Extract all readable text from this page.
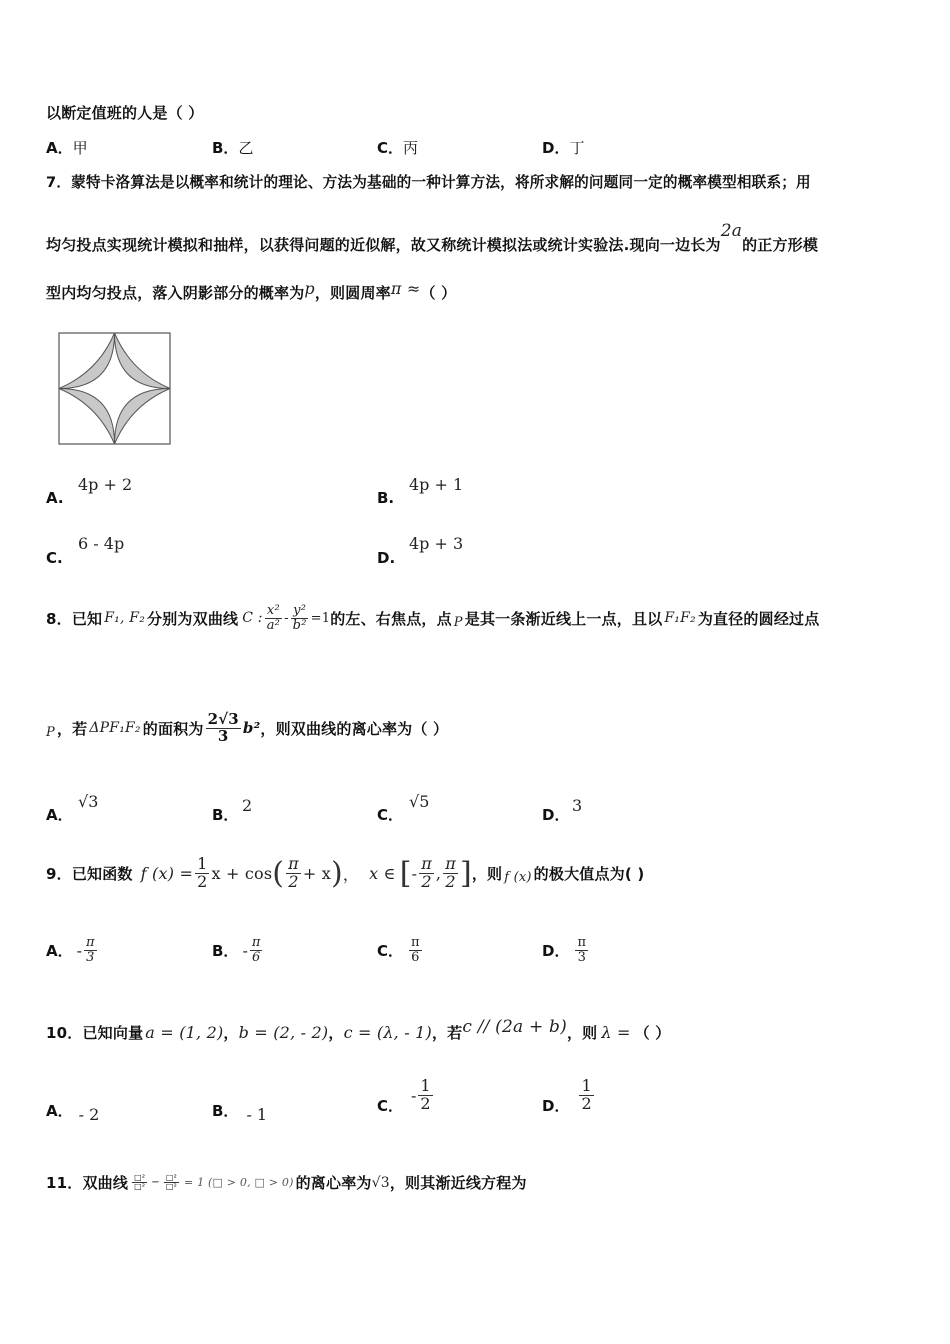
以断定值班的人是（ ）
A．甲	B．乙	C．丙	D．丁
7．蒙特卡洛算法是以概率和统计的理论、方法为基础的一种计算方法，将所求解的问题同一定的概率模型相联系；用
均匀投点实现统计模拟和抽样，以获得问题的近似解，故又称统计模拟法或统计实验法.现向一边长为2a的正方形模
型内均匀投点，落入阴影部分的概率为p，则圆周率π ≈（ ）
A.
4p + 2
B.
4p + 1
C.
6 - 4p
D.
4p + 3
8．已知 F₁, F₂ 分别为双曲线 C : $\frac{\text{x²}}{\text{a²}} - \frac{\text{y²}}{\text{b²}} =1$ 的左、右焦点，点 P 是其一条渐近线上一点，且以 F₁F₂ 为直径的圆经过点
P ，若 ΔPF₁F₂ 的面积为 $\frac{2√3}{3} b^2$ ，则双曲线的离心率为（ ）
A．
√3
B． 2	C．
√5
D． 3
9．已知函数 f $(x) = \frac{1}{2}$ x + cos ( $\frac{\pi}{2} + x$ ) ， x ∈ [ - $\frac{\pi}{2}$ , $\frac{\pi}{2}$ ] ，则 f (x) 的极大值点为( )
A． - $\frac{\pi}{3}$	B． - $\frac{\pi}{6}$	C． $\frac{\pi}{6}$	D． $\frac{\pi}{3}$
10．已知向量 a = (1, 2) ， b = (2, - 2) ， c = (λ, - 1) ，若 c // (2a + b) ，则 λ = （ ）
A． - 2	B． - 1	C．
- $\frac{1}{2}$	D． $\frac{1}{2}$
11．双曲线 $\frac{\text{□²}}{\text{□²}} - \frac{\text{□²}}{\text{□²}} = 1$ (□ > 0, □ > 0) 的离心率为 √3 ，则其渐近线方程为
